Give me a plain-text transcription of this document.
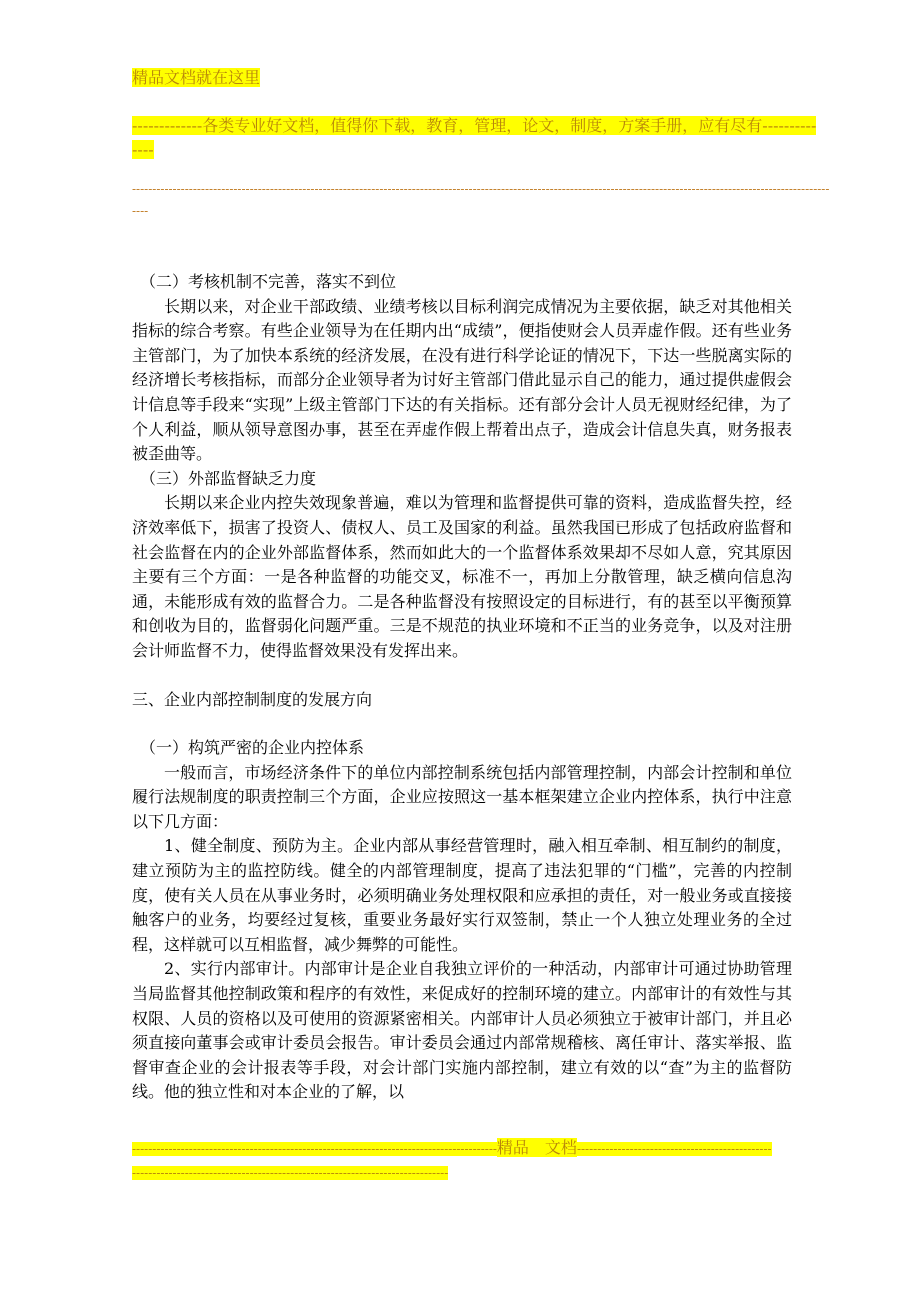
精品文档就在这里
-------------各类专业好文档，值得你下载，教育，管理，论文，制度，方案手册，应有尽有--------------
--------------------------------------------------------------------------------------------------------------------------------------------------------------------------------

（二）考核机制不完善，落实不到位

长期以来，对企业干部政绩、业绩考核以目标利润完成情况为主要依据，缺乏对其他相关指标的综合考察。有些企业领导为在任期内出“成绩”，便指使财会人员弄虚作假。还有些业务主管部门，为了加快本系统的经济发展，在没有进行科学论证的情况下，下达一些脱离实际的经济增长考核指标，而部分企业领导者为讨好主管部门借此显示自己的能力，通过提供虚假会计信息等手段来“实现”上级主管部门下达的有关指标。还有部分会计人员无视财经纪律，为了个人利益，顺从领导意图办事，甚至在弄虚作假上帮着出点子，造成会计信息失真，财务报表被歪曲等。

（三）外部监督缺乏力度

长期以来企业内控失效现象普遍，难以为管理和监督提供可靠的资料，造成监督失控，经济效率低下，损害了投资人、债权人、员工及国家的利益。虽然我国已形成了包括政府监督和社会监督在内的企业外部监督体系，然而如此大的一个监督体系效果却不尽如人意，究其原因主要有三个方面：一是各种监督的功能交叉，标准不一，再加上分散管理，缺乏横向信息沟通，未能形成有效的监督合力。二是各种监督没有按照设定的目标进行，有的甚至以平衡预算和创收为目的，监督弱化问题严重。三是不规范的执业环境和不正当的业务竞争，以及对注册会计师监督不力，使得监督效果没有发挥出来。

三、企业内部控制制度的发展方向

（一）构筑严密的企业内控体系

一般而言，市场经济条件下的单位内部控制系统包括内部管理控制，内部会计控制和单位履行法规制度的职责控制三个方面，企业应按照这一基本框架建立企业内控体系，执行中注意以下几方面：

1、健全制度、预防为主。企业内部从事经营管理时，融入相互牵制、相互制约的制度，建立预防为主的监控防线。健全的内部管理制度，提高了违法犯罪的“门槛”，完善的内控制度，使有关人员在从事业务时，必须明确业务处理权限和应承担的责任，对一般业务或直接接触客户的业务，均要经过复核，重要业务最好实行双签制，禁止一个人独立处理业务的全过程，这样就可以互相监督，减少舞弊的可能性。

2、实行内部审计。内部审计是企业自我独立评价的一种活动，内部审计可通过协助管理当局监督其他控制政策和程序的有效性，来促成好的控制环境的建立。内部审计的有效性与其权限、人员的资格以及可使用的资源紧密相关。内部审计人员必须独立于被审计部门，并且必须直接向董事会或审计委员会报告。审计委员会通过内部常规稽核、离任审计、落实举报、监督审查企业的会计报表等手段，对会计部门实施内部控制，建立有效的以“查”为主的监督防线。他的独立性和对本企业的了解，以

------------------------------------------------------------------------------------------精品　文档------------------------------------------------------------------------------------------------------------------------------
